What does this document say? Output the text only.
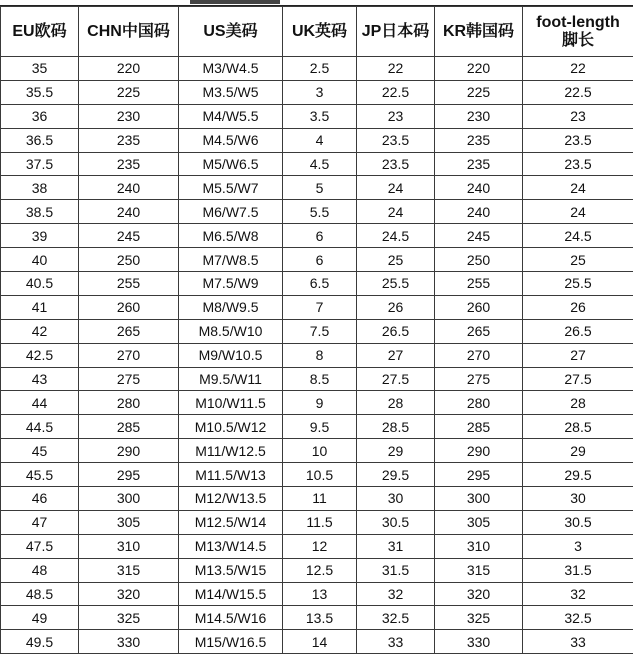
EU欧码	CHN中国码	US美码	UK英码	JP日本码	KR韩国码	foot-length
脚长
35	220	M3/W4.5	2.5	22	220	22
35.5	225	M3.5/W5	3	22.5	225	22.5
36	230	M4/W5.5	3.5	23	230	23
36.5	235	M4.5/W6	4	23.5	235	23.5
37.5	235	M5/W6.5	4.5	23.5	235	23.5
38	240	M5.5/W7	5	24	240	24
38.5	240	M6/W7.5	5.5	24	240	24
39	245	M6.5/W8	6	24.5	245	24.5
40	250	M7/W8.5	6	25	250	25
40.5	255	M7.5/W9	6.5	25.5	255	25.5
41	260	M8/W9.5	7	26	260	26
42	265	M8.5/W10	7.5	26.5	265	26.5
42.5	270	M9/W10.5	8	27	270	27
43	275	M9.5/W11	8.5	27.5	275	27.5
44	280	M10/W11.5	9	28	280	28
44.5	285	M10.5/W12	9.5	28.5	285	28.5
45	290	M11/W12.5	10	29	290	29
45.5	295	M11.5/W13	10.5	29.5	295	29.5
46	300	M12/W13.5	11	30	300	30
47	305	M12.5/W14	11.5	30.5	305	30.5
47.5	310	M13/W14.5	12	31	310	3
48	315	M13.5/W15	12.5	31.5	315	31.5
48.5	320	M14/W15.5	13	32	320	32
49	325	M14.5/W16	13.5	32.5	325	32.5
49.5	330	M15/W16.5	14	33	330	33
